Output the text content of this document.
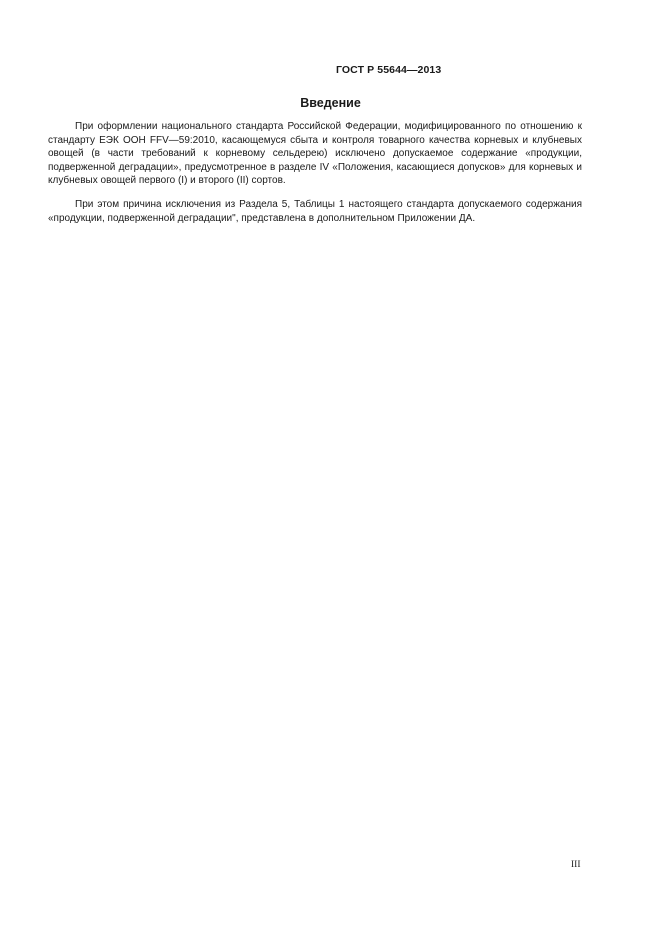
ГОСТ Р 55644—2013
Введение

При оформлении национального стандарта Российской Федерации, модифицированного по отношению к стандарту ЕЭК ООН FFV—59:2010, касающемуся сбыта и контроля товарного качества корневых и клубневых овощей (в части требований к корневому сельдерею) исключено допускаемое содержание «продукции, подверженной деградации», предусмотренное в разделе IV «Положения, касающиеся допусков» для корневых и клубневых овощей первого (I) и второго (II) сортов.

При этом причина исключения из Раздела 5, Таблицы 1 настоящего стандарта допускаемого содержания «продукции, подверженной деградации", представлена в дополнительном Приложении ДА.

III
